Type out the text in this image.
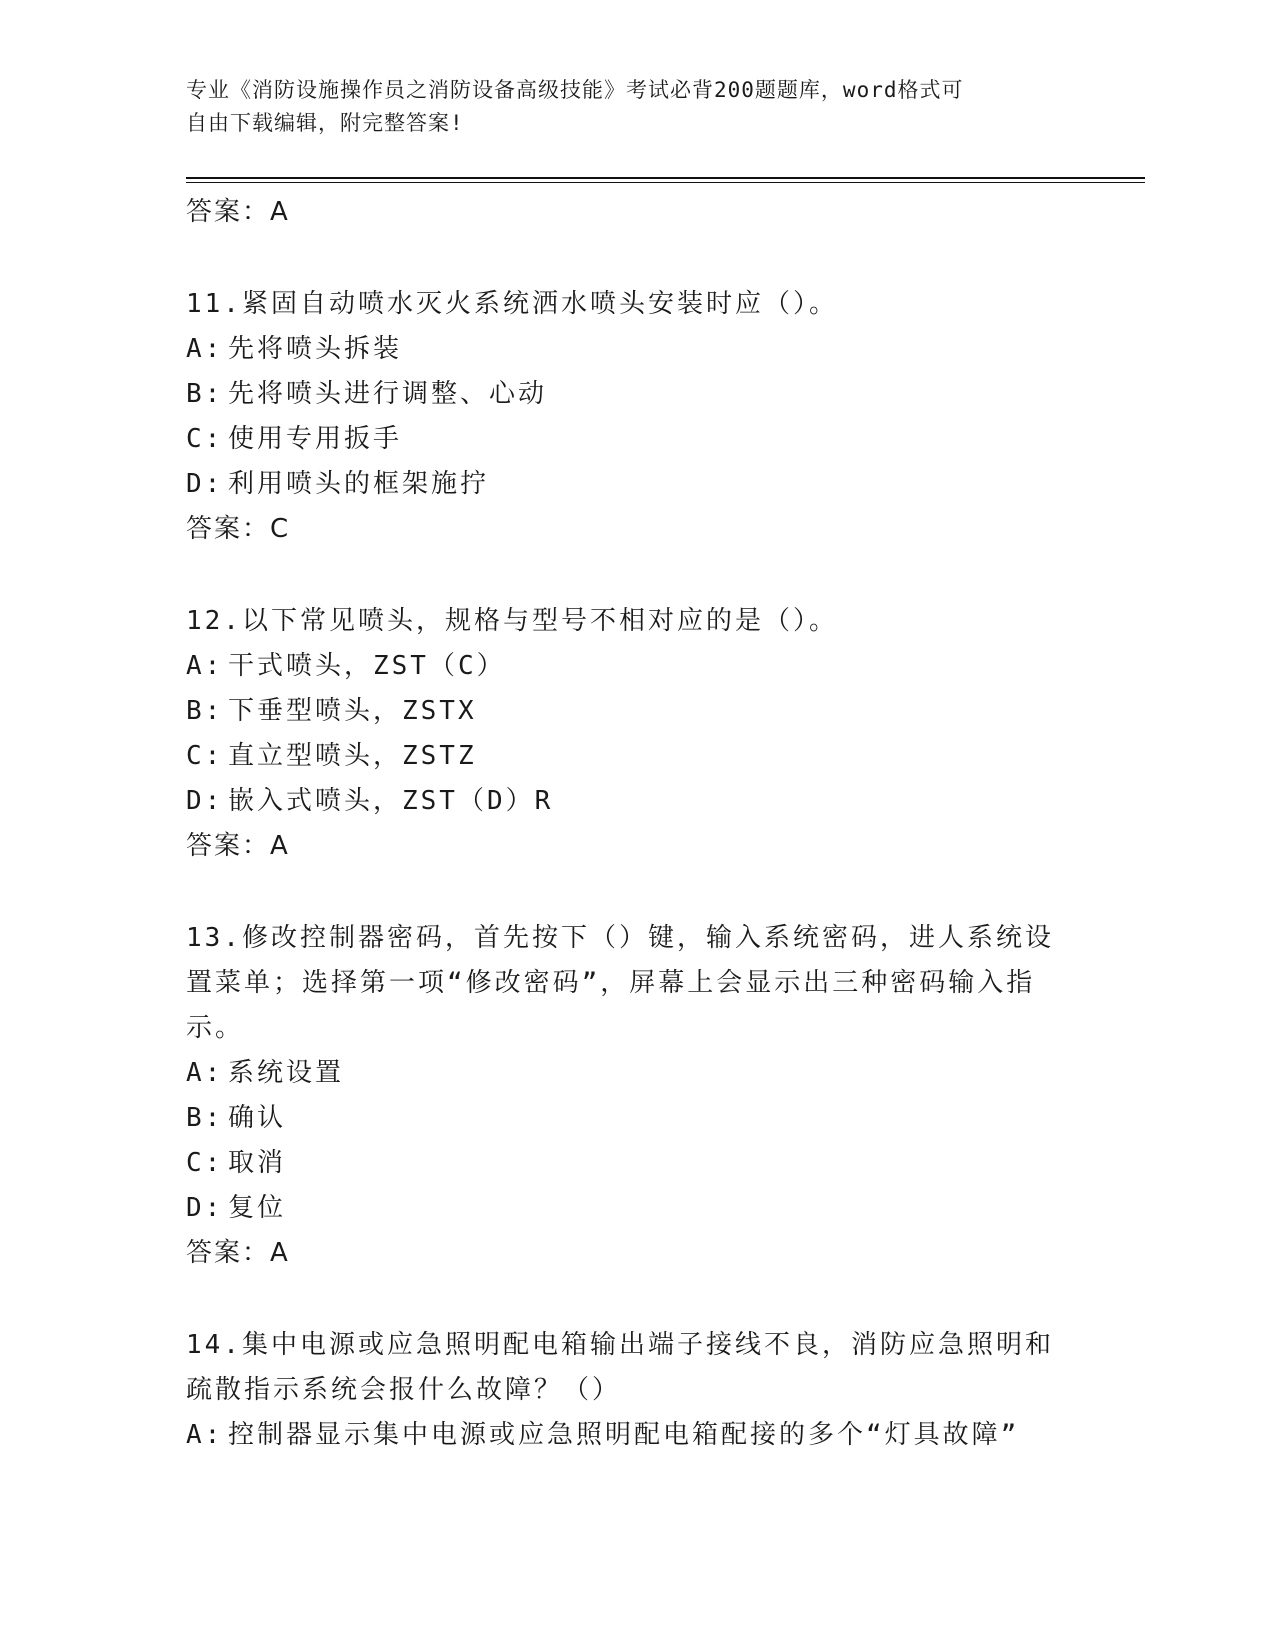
专业《消防设施操作员之消防设备高级技能》考试必背200题题库，word格式可
自由下载编辑，附完整答案!
答案：A
11.紧固自动喷水灭火系统洒水喷头安装时应（）。
A: 先将喷头拆装
B: 先将喷头进行调整、心动
C: 使用专用扳手
D: 利用喷头的框架施拧
答案：C
12.以下常见喷头，规格与型号不相对应的是（）。
A: 干式喷头，ZST（C）
B: 下垂型喷头，ZSTX
C: 直立型喷头，ZSTZ
D: 嵌入式喷头，ZST（D）R
答案：A
13.修改控制器密码，首先按下（）键，输入系统密码，进人系统设置菜单；选择第一项“修改密码”，屏幕上会显示出三种密码输入指示。
A: 系统设置
B: 确认
C: 取消
D: 复位
答案：A
14.集中电源或应急照明配电箱输出端子接线不良，消防应急照明和疏散指示系统会报什么故障？（）
A: 控制器显示集中电源或应急照明配电箱配接的多个“灯具故障”
